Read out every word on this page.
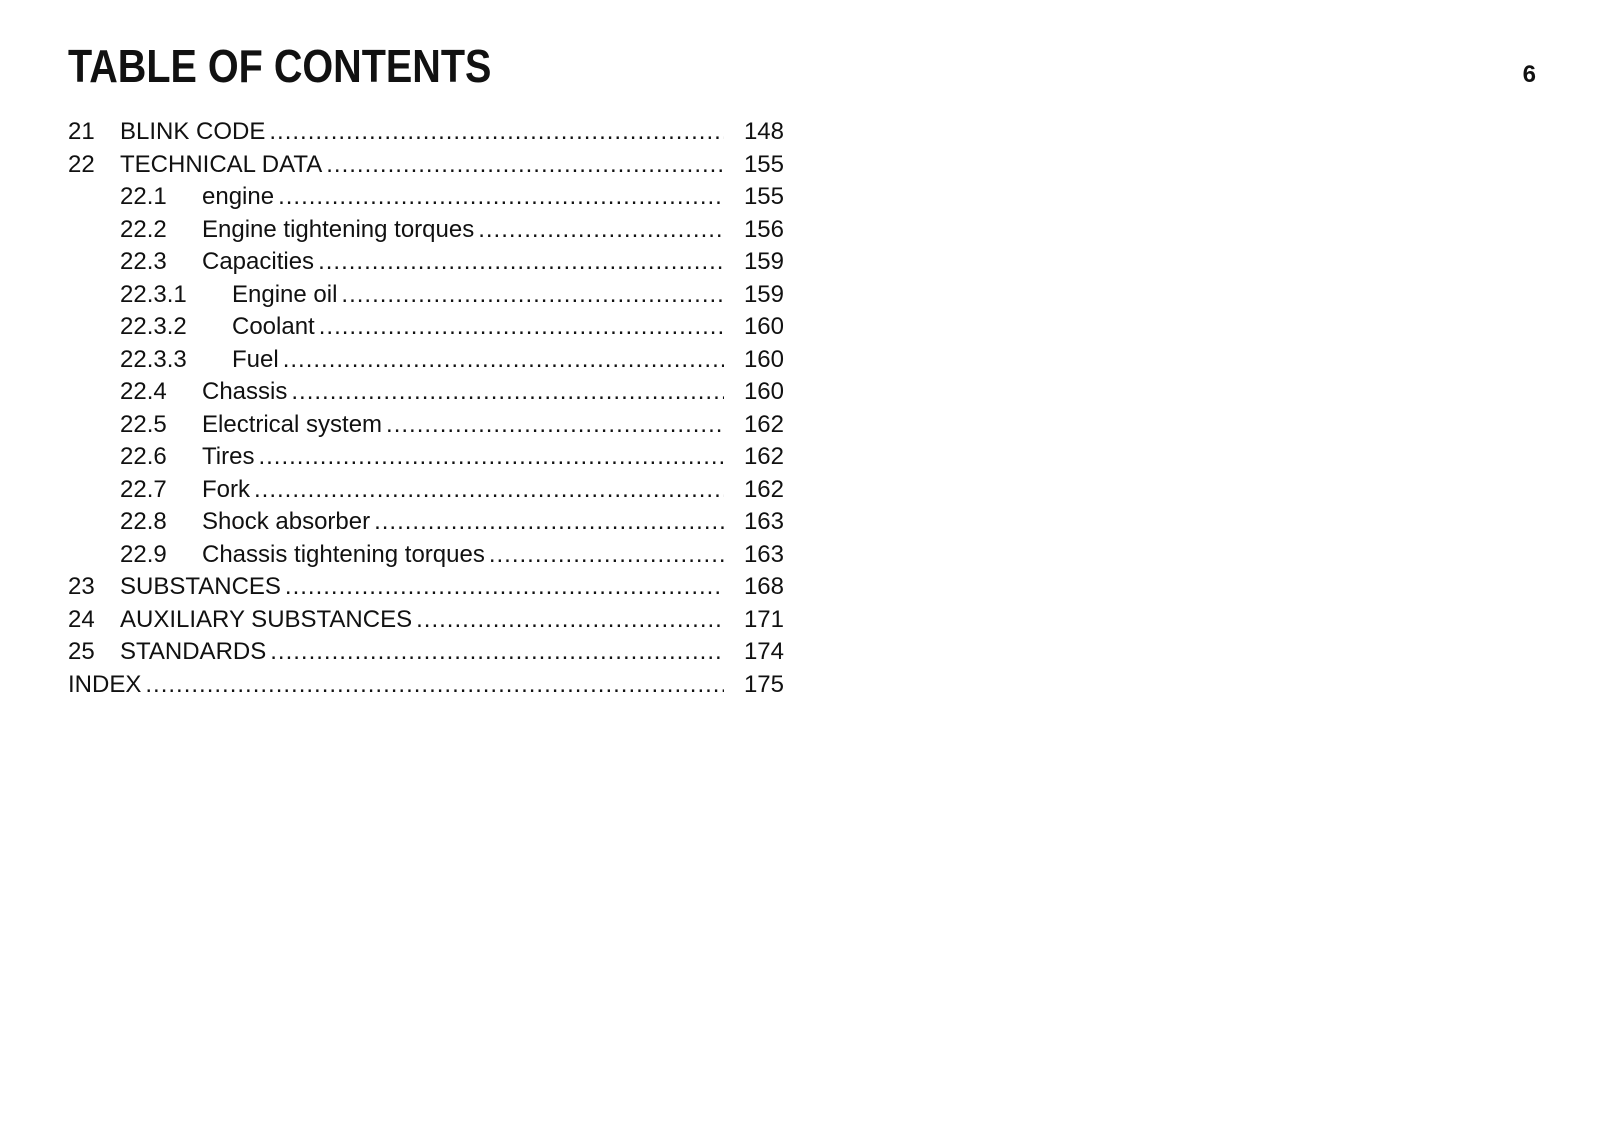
TABLE OF CONTENTS	6
21	BLINK CODE .....	148
22	TECHNICAL DATA .....	155
22.1	engine .....	155
22.2	Engine tightening torques .....	156
22.3	Capacities .....	159
22.3.1	Engine oil .....	159
22.3.2	Coolant .....	160
22.3.3	Fuel .....	160
22.4	Chassis .....	160
22.5	Electrical system .....	162
22.6	Tires .....	162
22.7	Fork .....	162
22.8	Shock absorber .....	163
22.9	Chassis tightening torques .....	163
23	SUBSTANCES .....	168
24	AUXILIARY SUBSTANCES .....	171
25	STANDARDS .....	174
INDEX .....	175
